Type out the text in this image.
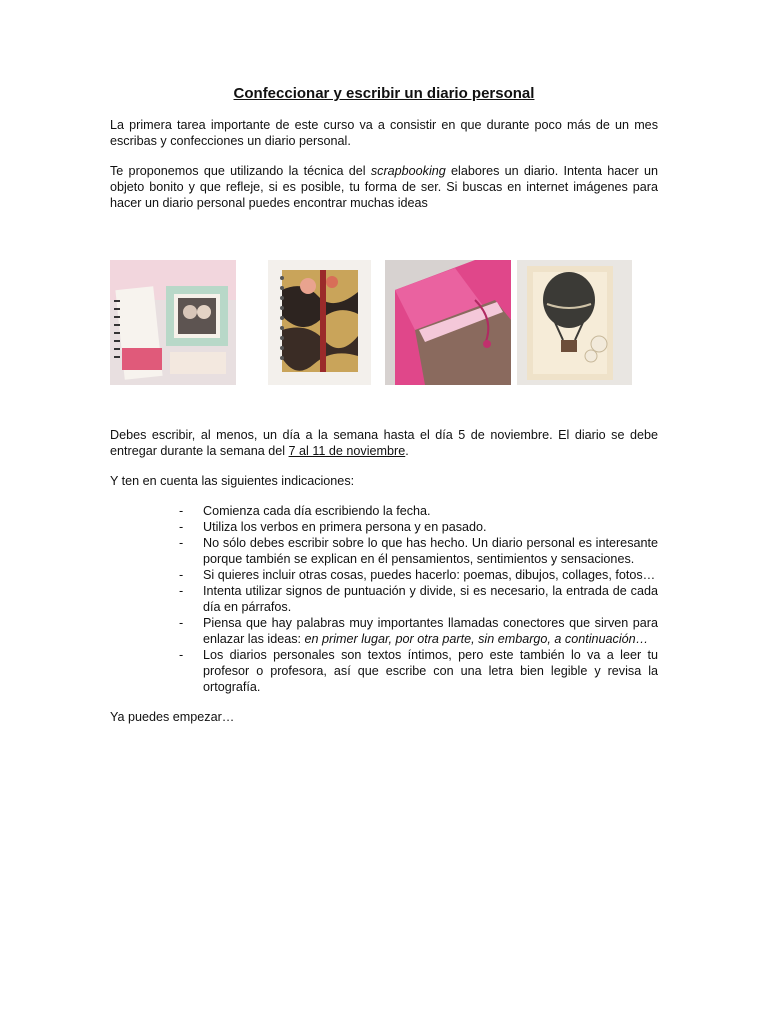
Confeccionar y escribir un diario personal

La primera tarea importante de este curso va a consistir en que durante poco más de un mes escribas y confecciones un diario personal.

Te proponemos que utilizando la técnica del scrapbooking elabores un diario. Intenta hacer un objeto bonito y que refleje, si es posible, tu forma de ser. Si buscas en internet imágenes para hacer un diario personal puedes encontrar muchas ideas

Debes escribir, al menos, un día a la semana hasta el día 5 de noviembre. El diario se debe entregar durante la semana del 7 al 11 de noviembre.

Y ten en cuenta las siguientes indicaciones:

- Comienza cada día escribiendo la fecha.
- Utiliza los verbos en primera persona y en pasado.
- No sólo debes escribir sobre lo que has hecho. Un diario personal es interesante porque también se explican en él pensamientos, sentimientos y sensaciones.
- Si quieres incluir otras cosas, puedes hacerlo: poemas, dibujos, collages, fotos…
- Intenta utilizar signos de puntuación y divide, si es necesario, la entrada de cada día en párrafos.
- Piensa que hay palabras muy importantes llamadas conectores que sirven para enlazar las ideas: en primer lugar, por otra parte, sin embargo, a continuación…
- Los diarios personales son textos íntimos, pero este también lo va a leer tu profesor o profesora, así que escribe con una letra bien legible y revisa la ortografía.

Ya puedes empezar…
